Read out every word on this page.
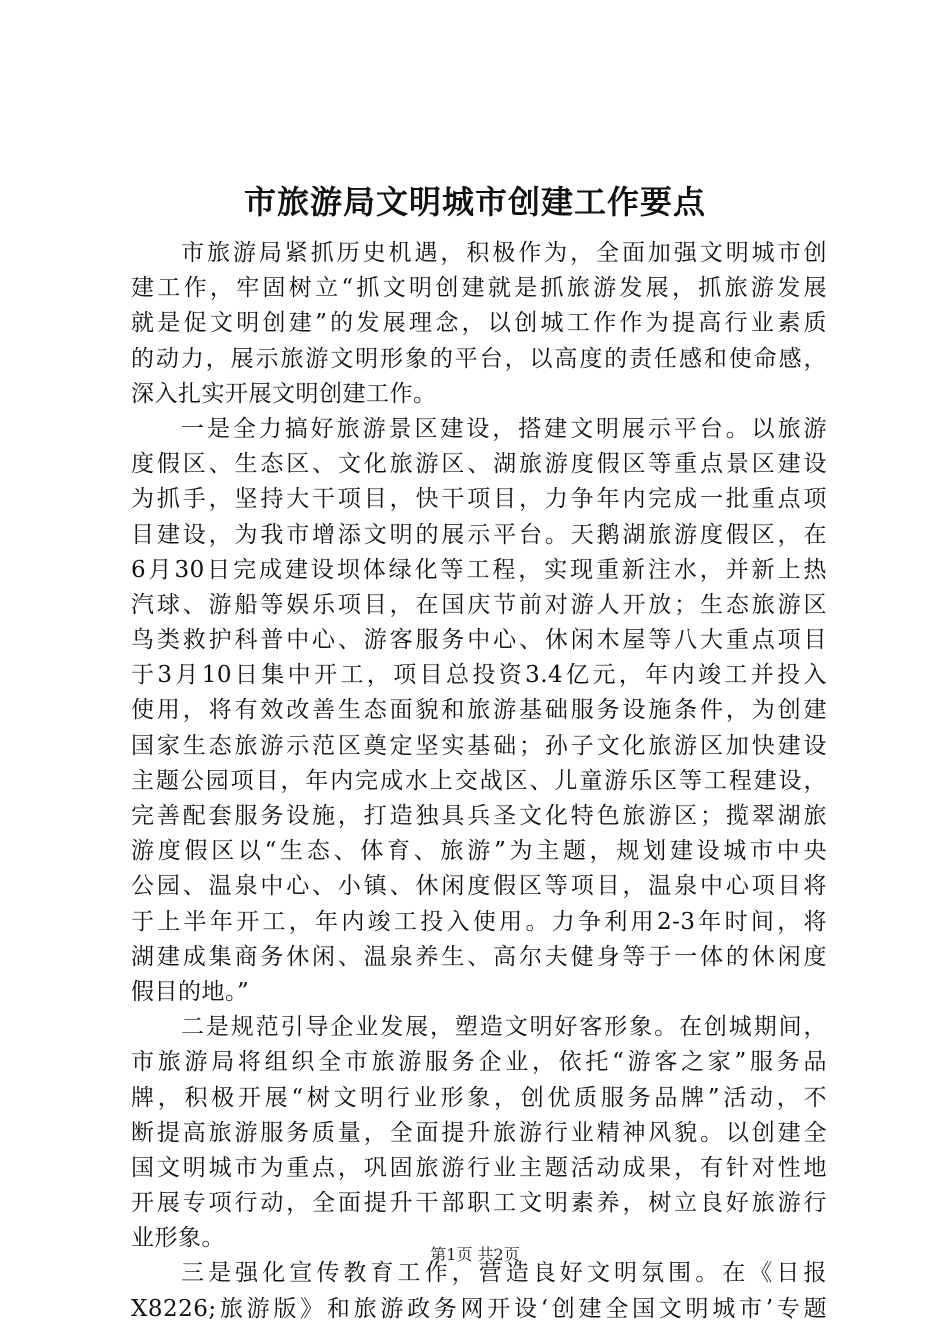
市旅游局文明城市创建工作要点
市旅游局紧抓历史机遇，积极作为，全面加强文明城市创
建工作，牢固树立“抓文明创建就是抓旅游发展，抓旅游发展
就是促文明创建”的发展理念，以创城工作作为提高行业素质
的动力，展示旅游文明形象的平台，以高度的责任感和使命感，
深入扎实开展文明创建工作。
一是全力搞好旅游景区建设，搭建文明展示平台。以旅游
度假区、生态区、文化旅游区、湖旅游度假区等重点景区建设
为抓手，坚持大干项目，快干项目，力争年内完成一批重点项
目建设，为我市增添文明的展示平台。天鹅湖旅游度假区，在
6月30日完成建设坝体绿化等工程，实现重新注水，并新上热
汽球、游船等娱乐项目，在国庆节前对游人开放；生态旅游区
鸟类救护科普中心、游客服务中心、休闲木屋等八大重点项目
于3月10日集中开工，项目总投资3.4亿元，年内竣工并投入
使用，将有效改善生态面貌和旅游基础服务设施条件，为创建
国家生态旅游示范区奠定坚实基础；孙子文化旅游区加快建设
主题公园项目，年内完成水上交战区、儿童游乐区等工程建设，
完善配套服务设施，打造独具兵圣文化特色旅游区；揽翠湖旅
游度假区以“生态、体育、旅游”为主题，规划建设城市中央
公园、温泉中心、小镇、休闲度假区等项目，温泉中心项目将
于上半年开工，年内竣工投入使用。力争利用2-3年时间，将
湖建成集商务休闲、温泉养生、高尔夫健身等于一体的休闲度
假目的地。”
二是规范引导企业发展，塑造文明好客形象。在创城期间，
市旅游局将组织全市旅游服务企业，依托“游客之家”服务品
牌，积极开展“树文明行业形象，创优质服务品牌”活动，不
断提高旅游服务质量，全面提升旅游行业精神风貌。以创建全
国文明城市为重点，巩固旅游行业主题活动成果，有针对性地
开展专项行动，全面提升干部职工文明素养，树立良好旅游行
业形象。
三是强化宣传教育工作，营造良好文明氛围。在《日报
X8226;旅游版》和旅游政务网开设‘创建全国文明城市’专题
第1页 共2页
